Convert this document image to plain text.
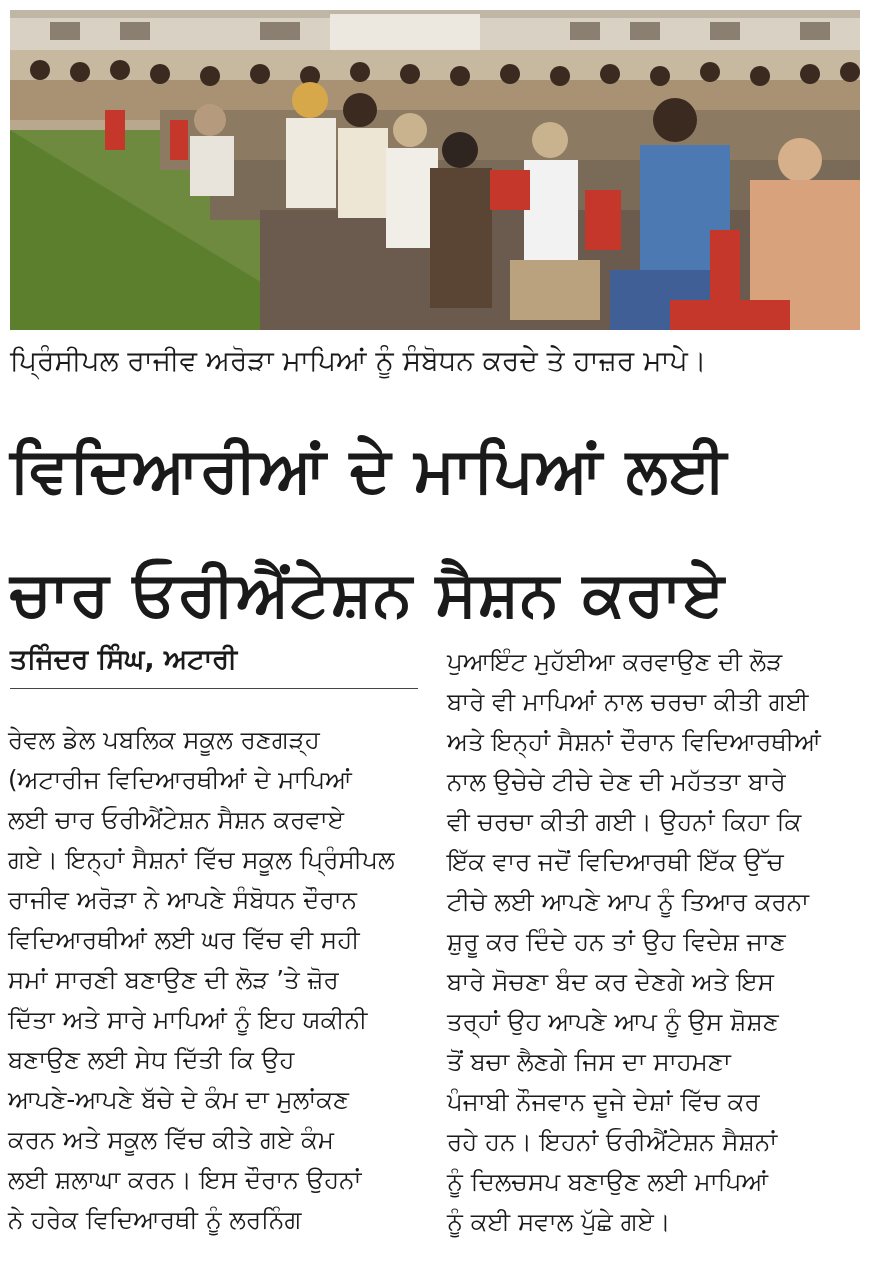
ਪ੍ਰਿੰਸੀਪਲ ਰਾਜੀਵ ਅਰੋੜਾ ਮਾਪਿਆਂ ਨੂੰ ਸੰਬੋਧਨ ਕਰਦੇ ਤੇ ਹਾਜ਼ਰ ਮਾਪੇ।
ਵਿਦਿਆਰੀਆਂ ਦੇ ਮਾਪਿਆਂ ਲਈ
ਚਾਰ ਓਰੀਐਂਟੇਸ਼ਨ ਸੈਸ਼ਨ ਕਰਾਏ
ਤਜਿੰਦਰ ਸਿੰਘ, ਅਟਾਰੀ
ਰੇਵਲ ਡੇਲ ਪਬਲਿਕ ਸਕੂਲ ਰਣਗੜ੍ਹ
(ਅਟਾਰੀਜ ਵਿਦਿਆਰਥੀਆਂ ਦੇ ਮਾਪਿਆਂ
ਲਈ ਚਾਰ ਓਰੀਐਂਟੇਸ਼ਨ ਸੈਸ਼ਨ ਕਰਵਾਏ
ਗਏ। ਇਨ੍ਹਾਂ ਸੈਸ਼ਨਾਂ ਵਿੱਚ ਸਕੂਲ ਪ੍ਰਿੰਸੀਪਲ
ਰਾਜੀਵ ਅਰੋੜਾ ਨੇ ਆਪਣੇ ਸੰਬੋਧਨ ਦੌਰਾਨ
ਵਿਦਿਆਰਥੀਆਂ ਲਈ ਘਰ ਵਿੱਚ ਵੀ ਸਹੀ
ਸਮਾਂ ਸਾਰਣੀ ਬਣਾਉਣ ਦੀ ਲੋੜ ’ਤੇ ਜ਼ੋਰ
ਦਿੱਤਾ ਅਤੇ ਸਾਰੇ ਮਾਪਿਆਂ ਨੂੰ ਇਹ ਯਕੀਨੀ
ਬਣਾਉਣ ਲਈ ਸੇਧ ਦਿੱਤੀ ਕਿ ਉਹ
ਆਪਣੇ-ਆਪਣੇ ਬੱਚੇ ਦੇ ਕੰਮ ਦਾ ਮੁਲਾਂਕਣ
ਕਰਨ ਅਤੇ ਸਕੂਲ ਵਿੱਚ ਕੀਤੇ ਗਏ ਕੰਮ
ਲਈ ਸ਼ਲਾਘਾ ਕਰਨ। ਇਸ ਦੌਰਾਨ ਉਹਨਾਂ
ਨੇ ਹਰੇਕ ਵਿਦਿਆਰਥੀ ਨੂੰ ਲਰਨਿੰਗ
ਪੁਆਇੰਟ ਮੁਹੱਈਆ ਕਰਵਾਉਣ ਦੀ ਲੋੜ
ਬਾਰੇ ਵੀ ਮਾਪਿਆਂ ਨਾਲ ਚਰਚਾ ਕੀਤੀ ਗਈ
ਅਤੇ ਇਨ੍ਹਾਂ ਸੈਸ਼ਨਾਂ ਦੌਰਾਨ ਵਿਦਿਆਰਥੀਆਂ
ਨਾਲ ਉਚੇਚੇ ਟੀਚੇ ਦੇਣ ਦੀ ਮਹੱਤਤਾ ਬਾਰੇ
ਵੀ ਚਰਚਾ ਕੀਤੀ ਗਈ। ਉਹਨਾਂ ਕਿਹਾ ਕਿ
ਇੱਕ ਵਾਰ ਜਦੋਂ ਵਿਦਿਆਰਥੀ ਇੱਕ ਉੱਚ
ਟੀਚੇ ਲਈ ਆਪਣੇ ਆਪ ਨੂੰ ਤਿਆਰ ਕਰਨਾ
ਸ਼ੁਰੂ ਕਰ ਦਿੰਦੇ ਹਨ ਤਾਂ ਉਹ ਵਿਦੇਸ਼ ਜਾਣ
ਬਾਰੇ ਸੋਚਣਾ ਬੰਦ ਕਰ ਦੇਣਗੇ ਅਤੇ ਇਸ
ਤਰ੍ਹਾਂ ਉਹ ਆਪਣੇ ਆਪ ਨੂੰ ਉਸ ਸ਼ੋਸ਼ਣ
ਤੋਂ ਬਚਾ ਲੈਣਗੇ ਜਿਸ ਦਾ ਸਾਹਮਣਾ
ਪੰਜਾਬੀ ਨੌਜਵਾਨ ਦੂਜੇ ਦੇਸ਼ਾਂ ਵਿੱਚ ਕਰ
ਰਹੇ ਹਨ। ਇਹਨਾਂ ਓਰੀਐਂਟੇਸ਼ਨ ਸੈਸ਼ਨਾਂ
ਨੂੰ ਦਿਲਚਸਪ ਬਣਾਉਣ ਲਈ ਮਾਪਿਆਂ
ਨੂੰ ਕਈ ਸਵਾਲ ਪੁੱਛੇ ਗਏ।
